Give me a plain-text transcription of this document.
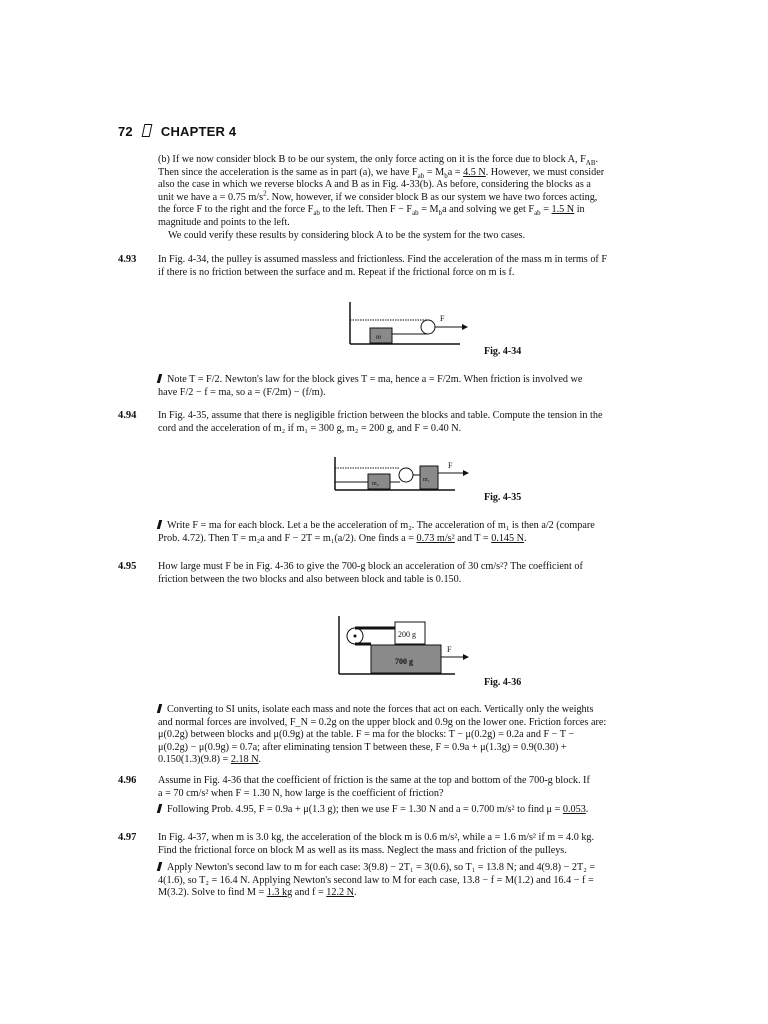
72 CHAPTER 4

(b) If we now consider block B to be our system, the only force acting on it is the force due to block A, $F_{AB}$.

Then since the acceleration is the same as in part (a), we have $F_{ab} = M_ba = 4.5$ N. However, we must consider

also the case in which we reverse blocks A and B as in Fig. 4-33(b). As before, considering the blocks as a

unit we have a = 0.75 $m/s^2$. Now, however, if we consider block B as our system we have two forces acting,

the force F to the right and the force $F_{ab}$ to the left. Then $F - F_{ab} = M_ba$ and solving we get $F_{ab} = 1.5$ N in

magnitude and points to the left.

We could verify these results by considering block A to be the system for the two cases.

4.93 In Fig. 4-34, the pulley is assumed massless and frictionless. Find the acceleration of the mass m in terms of F

if there is no friction between the surface and m. Repeat if the frictional force on m is f.

m
F
Fig. 4-34

Note T = F/2. Newton's law for the block gives T = ma, hence a = F/2m. When friction is involved we

have F/2 − f = ma, so a = (F/2m) − (f/m).

4.94 In Fig. 4-35, assume that there is negligible friction between the blocks and table. Compute the tension in the

cord and the acceleration of m₂ if m₁ = 300 g, m₂ = 200 g, and F = 0.40 N.

m₂
m₁
F
Fig. 4-35

Write F = ma for each block. Let a be the acceleration of m₂. The acceleration of m₁ is then a/2 (compare

Prob. 4.72). Then T = m₂a and F − 2T = m₁(a/2). One finds a = 0.73 m/s² and T = 0.145 N.

4.95 How large must F be in Fig. 4-36 to give the 700-g block an acceleration of 30 cm/s²? The coefficient of

friction between the two blocks and also between block and table is 0.150.

200 g
700 g
F
Fig. 4-36

Converting to SI units, isolate each mass and note the forces that act on each. Vertically only the weights

and normal forces are involved, F_N = 0.2g on the upper block and 0.9g on the lower one. Friction forces are:

μ(0.2g) between blocks and μ(0.9g) at the table. F = ma for the blocks: T − μ(0.2g) = 0.2a and F − T −

μ(0.2g) − μ(0.9g) = 0.7a; after eliminating tension T between these, F = 0.9a + μ(1.3g) = 0.9(0.30) +

0.150(1.3)(9.8) = 2.18 N.

4.96 Assume in Fig. 4-36 that the coefficient of friction is the same at the top and bottom of the 700-g block. If

a = 70 cm/s² when F = 1.30 N, how large is the coefficient of friction?

Following Prob. 4.95, F = 0.9a + μ(1.3 g); then we use F = 1.30 N and a = 0.700 m/s² to find μ = 0.053.

4.97 In Fig. 4-37, when m is 3.0 kg, the acceleration of the block m is 0.6 m/s², while a = 1.6 m/s² if m = 4.0 kg.

Find the frictional force on block M as well as its mass. Neglect the mass and friction of the pulleys.

Apply Newton's second law to m for each case: 3(9.8) − 2T₁ = 3(0.6), so T₁ = 13.8 N; and 4(9.8) − 2T₂ =

4(1.6), so T₂ = 16.4 N. Applying Newton's second law to M for each case, 13.8 − f = M(1.2) and 16.4 − f =

M(3.2). Solve to find M = 1.3 kg and f = 12.2 N.
